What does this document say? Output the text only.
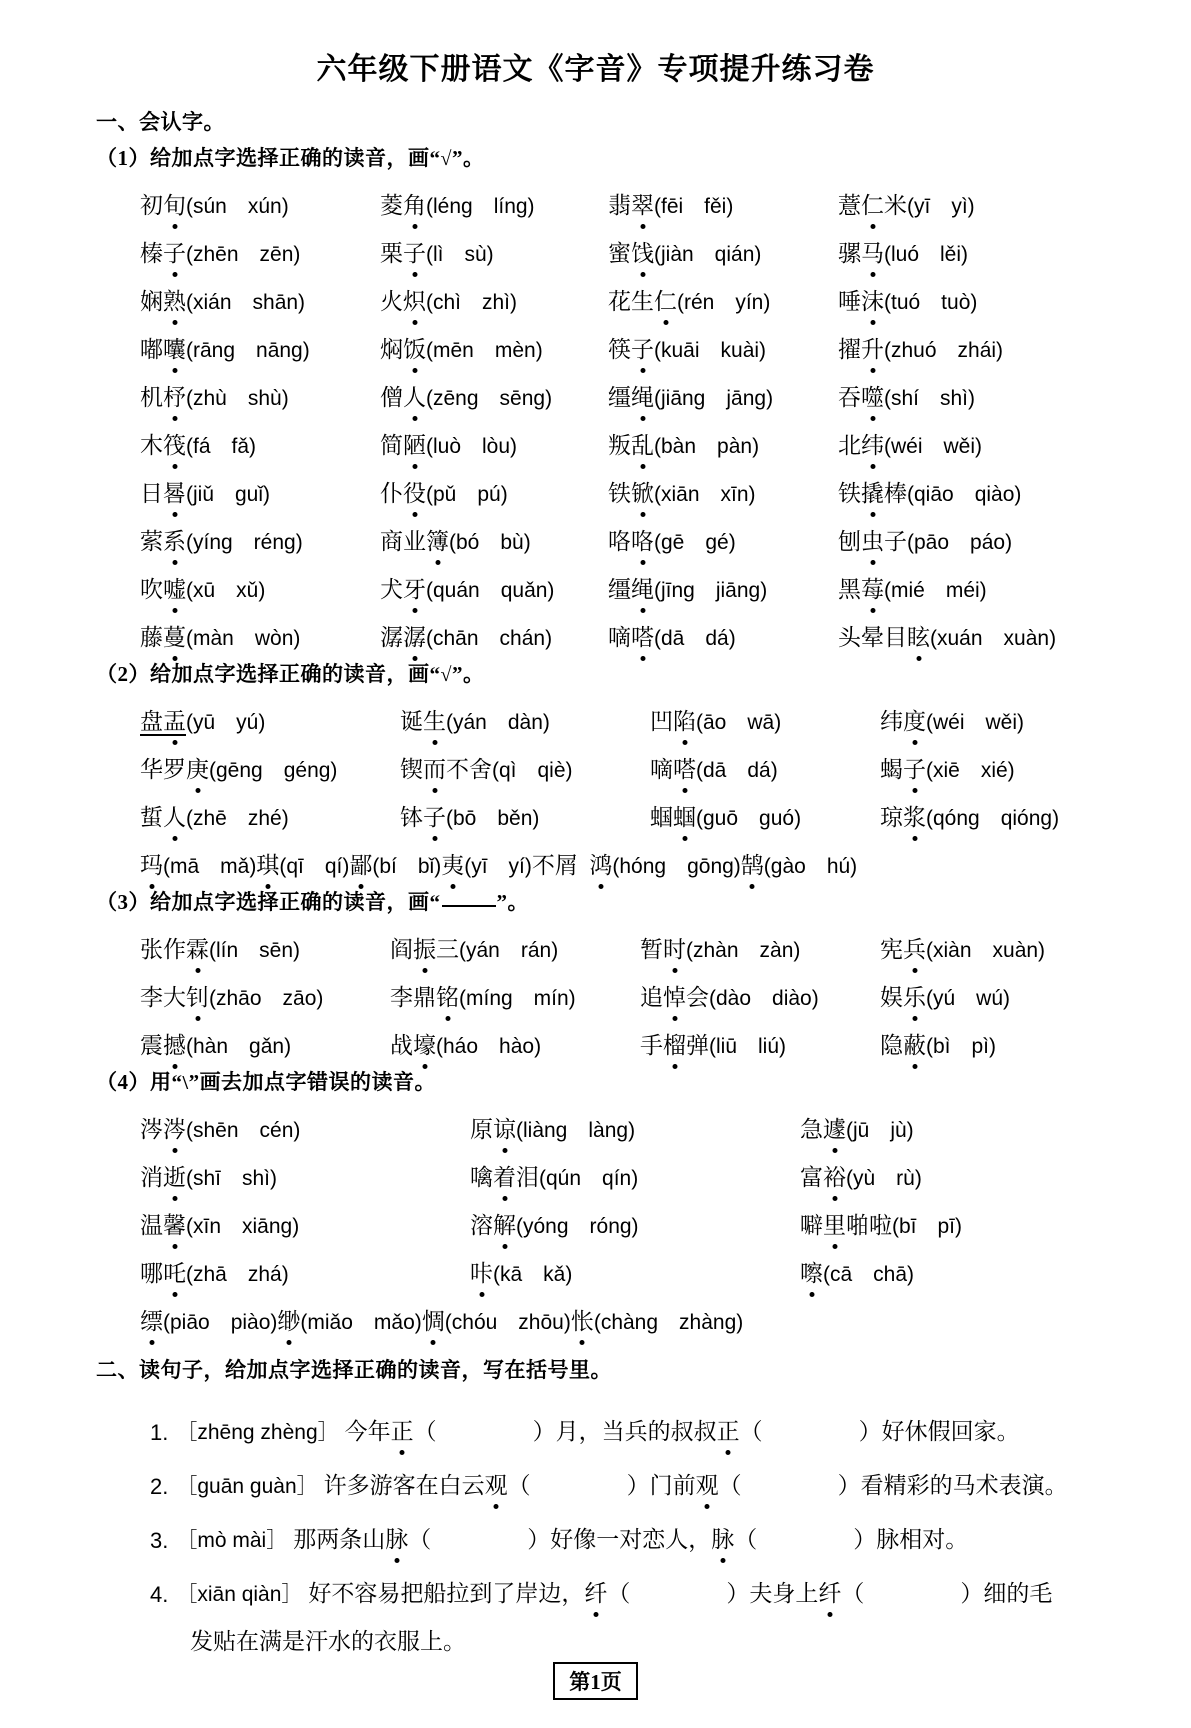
六年级下册语文《字音》专项提升练习卷
一、会认字。
（1）给加点字选择正确的读音，画“√”。
初旬(sún  xún)	菱角(léng  líng)	翡翠(fēi  fěi)	薏仁米(yī  yì)
榛子(zhēn  zēn)	栗子(lì  sù)	蜜饯(jiàn  qián)	骡马(luó  lěi)
娴熟(xián  shān)	火炽(chì  zhì)	花生仁(rén  yín)	唾沫(tuó  tuò)
嘟囔(rāng  nāng)	焖饭(mēn  mèn)	筷子(kuāi  kuài)	擢升(zhuó  zhái)
机杼(zhù  shù)	僧人(zēng  sēng)	缰绳(jiāng  jāng)	吞噬(shí  shì)
木筏(fá  fǎ)	简陋(luò  lòu)	叛乱(bàn  pàn)	北纬(wéi  wěi)
日晷(jiǔ  guǐ)	仆役(pǔ  pú)	铁锨(xiān  xīn)	铁撬棒(qiāo  qiào)
萦系(yíng  réng)	商业簿(bó  bù)	咯咯(gē  gé)	刨虫子(pāo  páo)
吹嘘(xū  xǔ)	犬牙(quán  quǎn)	缰绳(jīng  jiāng)	黑莓(mié  méi)
藤蔓(màn  wòn)	潺潺(chān  chán)	嘀嗒(dā  dá)	头晕目眩(xuán  xuàn)
（2）给加点字选择正确的读音，画“√”。
盘盂(yū  yú)	诞生(yán  dàn)	凹陷(āo  wā)	纬度(wéi  wěi)
华罗庚(gēng  géng)	锲而不舍(qì  qiè)	嘀嗒(dā  dá)	蝎子(xiē  xié)
蜇人(zhē  zhé)	钵子(bō  běn)	蝈蝈(guō  guó)	琼浆(qóng  qióng)
玛(mā  mǎ) 琪(qī  qí) 鄙(bí  bǐ) 夷(yī  yí)不屑  鸿(hóng  gōng) 鹄(gào  hú)
（3）给加点字选择正确的读音，画“	”。
张作霖(lín  sēn)	阎振三(yán  rán)	暂时(zhàn  zàn)	宪兵(xiàn  xuàn)
李大钊(zhāo  zāo)	李鼎铭(míng  mín)	追悼会(dào  diào)	娱乐(yú  wú)
震撼(hàn  gǎn)	战壕(háo  hào)	手榴弹(liū  liú)	隐蔽(bì  pì)
（4）用“\”画去加点字错误的读音。
涔涔(shēn  cén)	原谅(liàng  làng)	急遽(jū  jù)
消逝(shī  shì)	噙着泪(qún  qín)	富裕(yù  rù)
温馨(xīn  xiāng)	溶解(yóng  róng)	噼里啪啦(bī  pī)
哪吒(zhā  zhá)	咔(kā  kǎ)	嚓(cā  chā)
缥(piāo  piào) 缈(miǎo  mǎo) 惆(chóu  zhōu) 怅(chàng  zhàng)
二、读句子，给加点字选择正确的读音，写在括号里。
1. ［zhēng zhèng］ 今年 正 （
	）月，当兵的叔叔 正 （
	）好休假回家。
2. ［guān guàn］ 许多游客在白云 观 （
	）门前 观 （
	）看精彩的马术表演。
3. ［mò mài］ 那两条山 脉 （
	）好像一对恋人， 脉 （
	）脉相对。
4. ［xiān qiàn］ 好不容易把船拉到了岸边， 纤 （
	）夫身上 纤 （
	）细的毛
发贴在满是汗水的衣服上。
第1页
